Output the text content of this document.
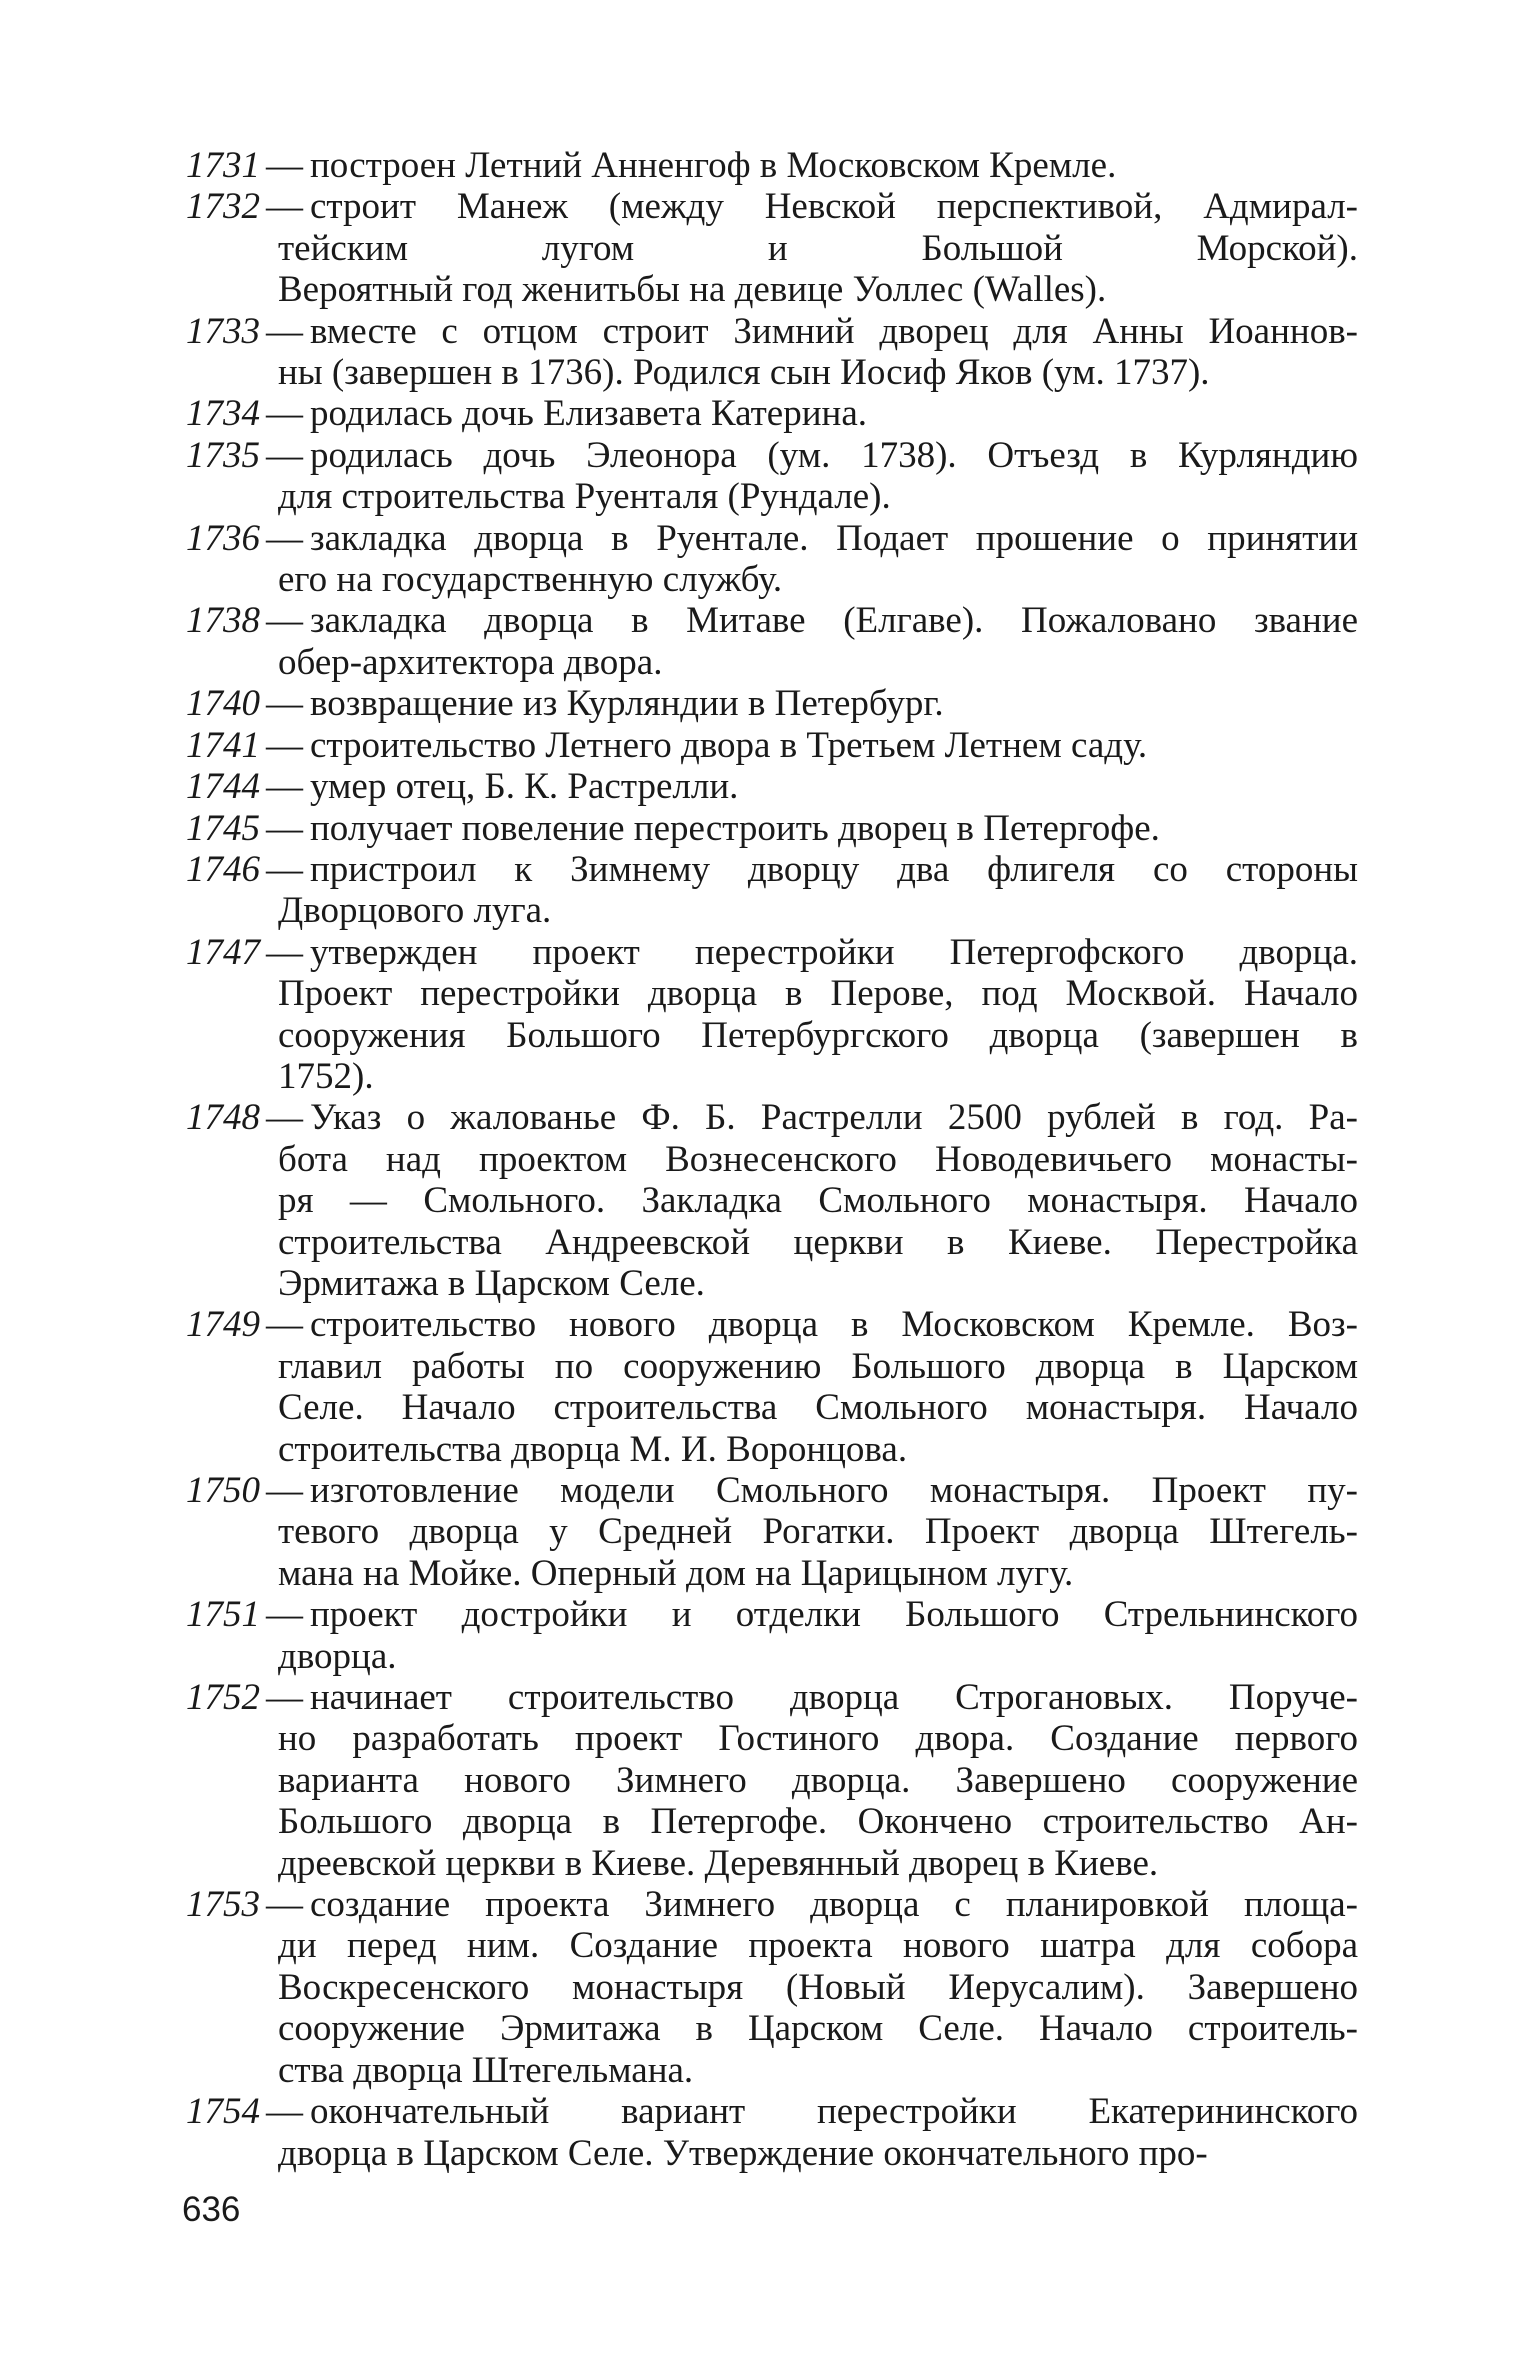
1731 — построен Летний Анненгоф в Московском Кремле.
1732 — строит Манеж (между Невской перспективой, Адмирал-
тейским лугом и Большой Морской).
Вероятный год женитьбы на девице Уоллес (Walles).
1733 — вместе с отцом строит Зимний дворец для Анны Иоаннов-
ны (завершен в 1736). Родился сын Иосиф Яков (ум. 1737).
1734 — родилась дочь Елизавета Катерина.
1735 — родилась дочь Элеонора (ум. 1738). Отъезд в Курляндию
для строительства Руенталя (Рундале).
1736 — закладка дворца в Руентале. Подает прошение о принятии
его на государственную службу.
1738 — закладка дворца в Митаве (Елгаве). Пожаловано звание
обер-архитектора двора.
1740 — возвращение из Курляндии в Петербург.
1741 — строительство Летнего двора в Третьем Летнем саду.
1744 — умер отец, Б. К. Растрелли.
1745 — получает повеление перестроить дворец в Петергофе.
1746 — пристроил к Зимнему дворцу два флигеля со стороны
Дворцового луга.
1747 — утвержден проект перестройки Петергофского дворца.
Проект перестройки дворца в Перове, под Москвой. Начало
сооружения Большого Петербургского дворца (завершен в
1752).
1748 — Указ о жалованье Ф. Б. Растрелли 2500 рублей в год. Ра-
бота над проектом Вознесенского Новодевичьего монасты-
ря — Смольного. Закладка Смольного монастыря. Начало
строительства Андреевской церкви в Киеве. Перестройка
Эрмитажа в Царском Селе.
1749 — строительство нового дворца в Московском Кремле. Воз-
главил работы по сооружению Большого дворца в Царском
Селе. Начало строительства Смольного монастыря. Начало
строительства дворца М. И. Воронцова.
1750 — изготовление модели Смольного монастыря. Проект пу-
тевого дворца у Средней Рогатки. Проект дворца Штегель-
мана на Мойке. Оперный дом на Царицыном лугу.
1751 — проект достройки и отделки Большого Стрельнинского
дворца.
1752 — начинает строительство дворца Строгановых. Поруче-
но разработать проект Гостиного двора. Создание первого
варианта нового Зимнего дворца. Завершено сооружение
Большого дворца в Петергофе. Окончено строительство Ан-
дреевской церкви в Киеве. Деревянный дворец в Киеве.
1753 — создание проекта Зимнего дворца с планировкой площа-
ди перед ним. Создание проекта нового шатра для собора
Воскресенского монастыря (Новый Иерусалим). Завершено
сооружение Эрмитажа в Царском Селе. Начало строитель-
ства дворца Штегельмана.
1754 — окончательный вариант перестройки Екатерининского
дворца в Царском Селе. Утверждение окончательного про-
636
